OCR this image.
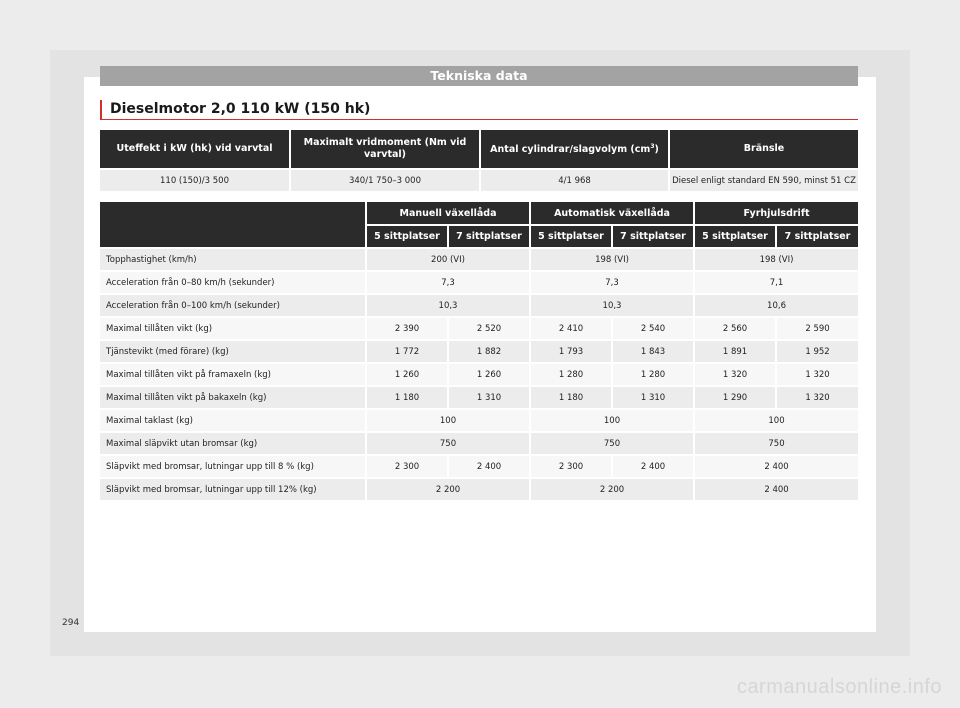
Tekniska data
Dieselmotor 2,0 110 kW (150 hk)
Uteffekt i kW (hk) vid varvtal	Maximalt vridmoment (Nm vid varvtal)	Antal cylindrar/slagvolym $(cm^3)$	Bränsle
110 (150)/3 500	340/1 750–3 000	4/1 968	Diesel enligt standard EN 590, minst 51 CZ
	Manuell växellåda		Automatisk växellåda		Fyrhjulsdrift	
	5 sittplatser	7 sittplatser	5 sittplatser	7 sittplatser	5 sittplatser	7 sittplatser
Topphastighet (km/h)	200 (VI)		198 (VI)		198 (VI)	
Acceleration från 0–80 km/h (sekunder)	7,3		7,3		7,1	
Acceleration från 0–100 km/h (sekunder)	10,3		10,3		10,6	
Maximal tillåten vikt (kg)	2 390	2 520	2 410	2 540	2 560	2 590
Tjänstevikt (med förare) (kg)	1 772	1 882	1 793	1 843	1 891	1 952
Maximal tillåten vikt på framaxeln (kg)	1 260	1 260	1 280	1 280	1 320	1 320
Maximal tillåten vikt på bakaxeln (kg)	1 180	1 310	1 180	1 310	1 290	1 320
Maximal taklast (kg)	100		100		100	
Maximal släpvikt utan bromsar (kg)	750		750		750	
Släpvikt med bromsar, lutningar upp till 8 % (kg)	2 300	2 400	2 300	2 400	2 400	
Släpvikt med bromsar, lutningar upp till 12% (kg)	2 200		2 200		2 400	
294
carmanualsonline.info
